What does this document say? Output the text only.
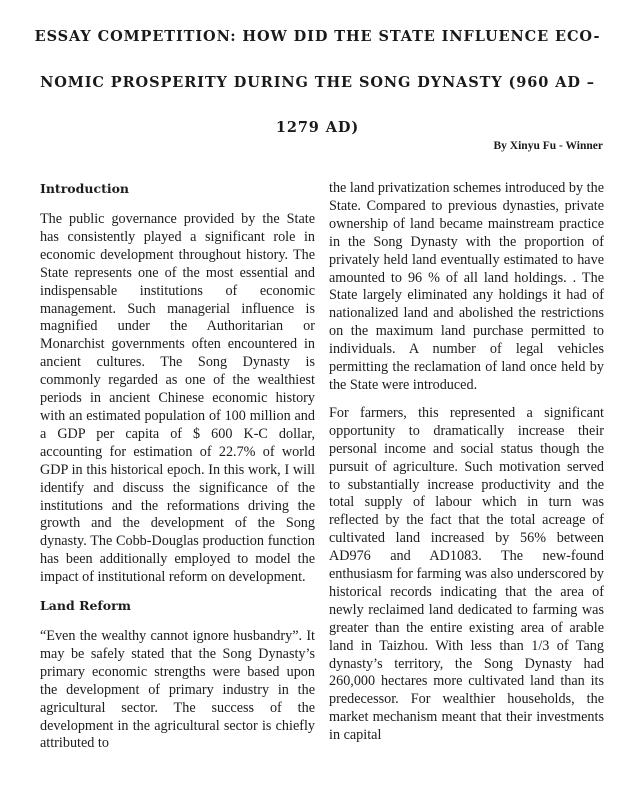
ESSAY COMPETITION: HOW DID THE STATE INFLUENCE ECO-
NOMIC PROSPERITY DURING THE SONG DYNASTY (960 AD –
1279 AD)
By Xinyu Fu - Winner
Introduction

The public governance provided by the State has consistently played a significant role in economic development throughout history. The State represents one of the most essential and indispensable institutions of economic management. Such managerial influence is magnified under the Authoritarian or Monarchist governments often encountered in ancient cultures. The Song Dynasty is commonly regarded as one of the wealthiest periods in ancient Chinese economic history with an estimated population of 100 million and a GDP per capita of $ 600 K-C dollar, accounting for estimation of 22.7% of world GDP in this historical epoch. In this work, I will identify and discuss the significance of the institutions and the reformations driving the growth and the development of the Song dynasty. The Cobb-Douglas production function has been additionally employed to model the impact of institutional reform on development.

Land Reform

“Even the wealthy cannot ignore husbandry”. It may be safely stated that the Song Dynasty’s primary economic strengths were based upon the development of primary industry in the agricultural sector. The success of the development in the agricultural sector is chiefly attributed to

the land privatization schemes introduced by the State. Compared to previous dynasties, private ownership of land became mainstream practice in the Song Dynasty with the proportion of privately held land eventually estimated to have amounted to 96 % of all land holdings. . The State largely eliminated any holdings it had of nationalized land and abolished the restrictions on the maximum land purchase permitted to individuals. A number of legal vehicles permitting the reclamation of land once held by the State were introduced.

For farmers, this represented a significant opportunity to dramatically increase their personal income and social status though the pursuit of agriculture. Such motivation served to substantially increase productivity and the total supply of labour which in turn was reflected by the fact that the total acreage of cultivated land increased by 56% between AD976 and AD1083. The new-found enthusiasm for farming was also underscored by historical records indicating that the area of newly reclaimed land dedicated to farming was greater than the entire existing area of arable land in Taizhou. With less than 1/3 of Tang dynasty’s territory, the Song Dynasty had 260,000 hectares more cultivated land than its predecessor. For wealthier households, the market mechanism meant that their investments in capital
